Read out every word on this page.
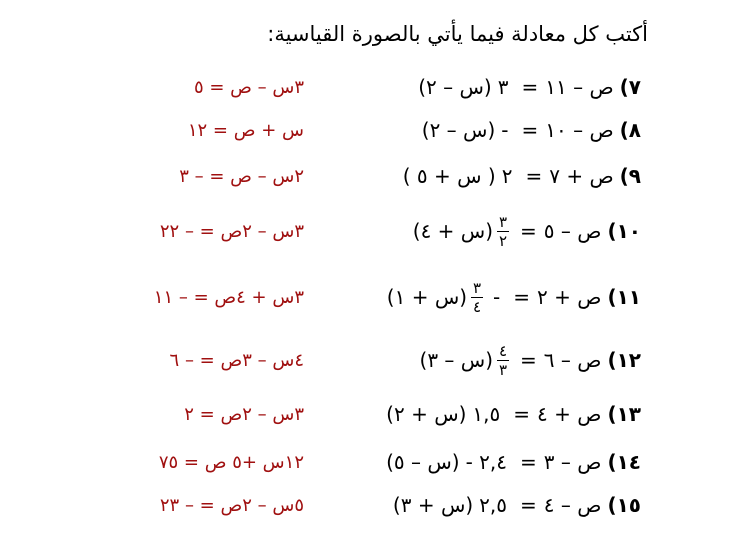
أكتب كل معادلة فيما يأتي بالصورة القياسية:
(س – ٢) ٣ = ص – ١١ ٧)
٣س – ص = ٥
(س – ٢) - = ص – ١٠ ٨)
س + ص = ١٢
( س + ٥ ) ٢ = ص + ٧ ٩)
٢س – ص = – ٣
(س + ٤) $\frac{٣}{٢}$ = ص – ٥ ١٠)
٣س – ٢ص = – ٢٢
(س + ١) $\frac{٣}{٤}$ - = ص + ٢ ١١)
٣س + ٤ص = – ١١
(س – ٣) $\frac{٤}{٣}$ = ص – ٦ ١٢)
٤س – ٣ص = – ٦
(س + ٢) ١,٥ = ص + ٤ ١٣)
٣س – ٢ص = ٢
(س – ٥) - ٢,٤ = ص – ٣ ١٤)
١٢س +٥ ص = ٧٥
(س + ٣) ٢,٥ = ص – ٤ ١٥)
٥س – ٢ص = – ٢٣
